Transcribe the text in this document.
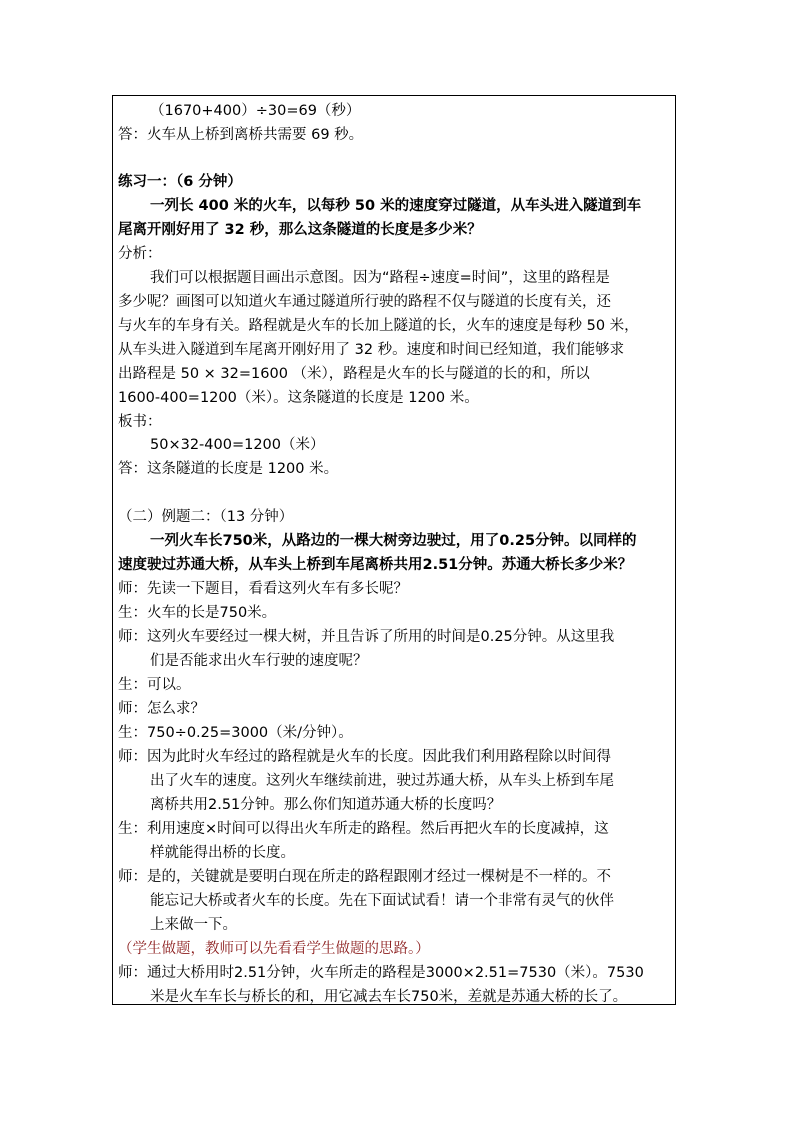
（1670+400）÷30=69（秒）
答：火车从上桥到离桥共需要 69 秒。
练习一：（6 分钟）
一列长 400 米的火车，以每秒 50 米的速度穿过隧道，从车头进入隧道到车
尾离开刚好用了 32 秒，那么这条隧道的长度是多少米？
分析：
我们可以根据题目画出示意图。因为“路程÷速度=时间”，这里的路程是
多少呢？画图可以知道火车通过隧道所行驶的路程不仅与隧道的长度有关，还
与火车的车身有关。路程就是火车的长加上隧道的长，火车的速度是每秒 50 米，
从车头进入隧道到车尾离开刚好用了 32 秒。速度和时间已经知道，我们能够求
出路程是 50 × 32=1600 （米），路程是火车的长与隧道的长的和，所以
1600-400=1200（米）。这条隧道的长度是 1200 米。
板书：
50×32-400=1200（米）
答：这条隧道的长度是 1200 米。
（二）例题二：（13 分钟）
一列火车长750米，从路边的一棵大树旁边驶过，用了0.25分钟。以同样的
速度驶过苏通大桥，从车头上桥到车尾离桥共用2.51分钟。苏通大桥长多少米？
师：先读一下题目，看看这列火车有多长呢？
生：火车的长是750米。
师：这列火车要经过一棵大树，并且告诉了所用的时间是0.25分钟。从这里我
们是否能求出火车行驶的速度呢？
生：可以。
师：怎么求？
生：750÷0.25=3000（米/分钟）。
师：因为此时火车经过的路程就是火车的长度。因此我们利用路程除以时间得
出了火车的速度。这列火车继续前进，驶过苏通大桥，从车头上桥到车尾
离桥共用2.51分钟。那么你们知道苏通大桥的长度吗？
生：利用速度×时间可以得出火车所走的路程。然后再把火车的长度减掉，这
样就能得出桥的长度。
师：是的，关键就是要明白现在所走的路程跟刚才经过一棵树是不一样的。不
能忘记大桥或者火车的长度。先在下面试试看！请一个非常有灵气的伙伴
上来做一下。
（学生做题，教师可以先看看学生做题的思路。）
师：通过大桥用时2.51分钟，火车所走的路程是3000×2.51=7530（米）。7530
米是火车车长与桥长的和，用它减去车长750米，差就是苏通大桥的长了。
